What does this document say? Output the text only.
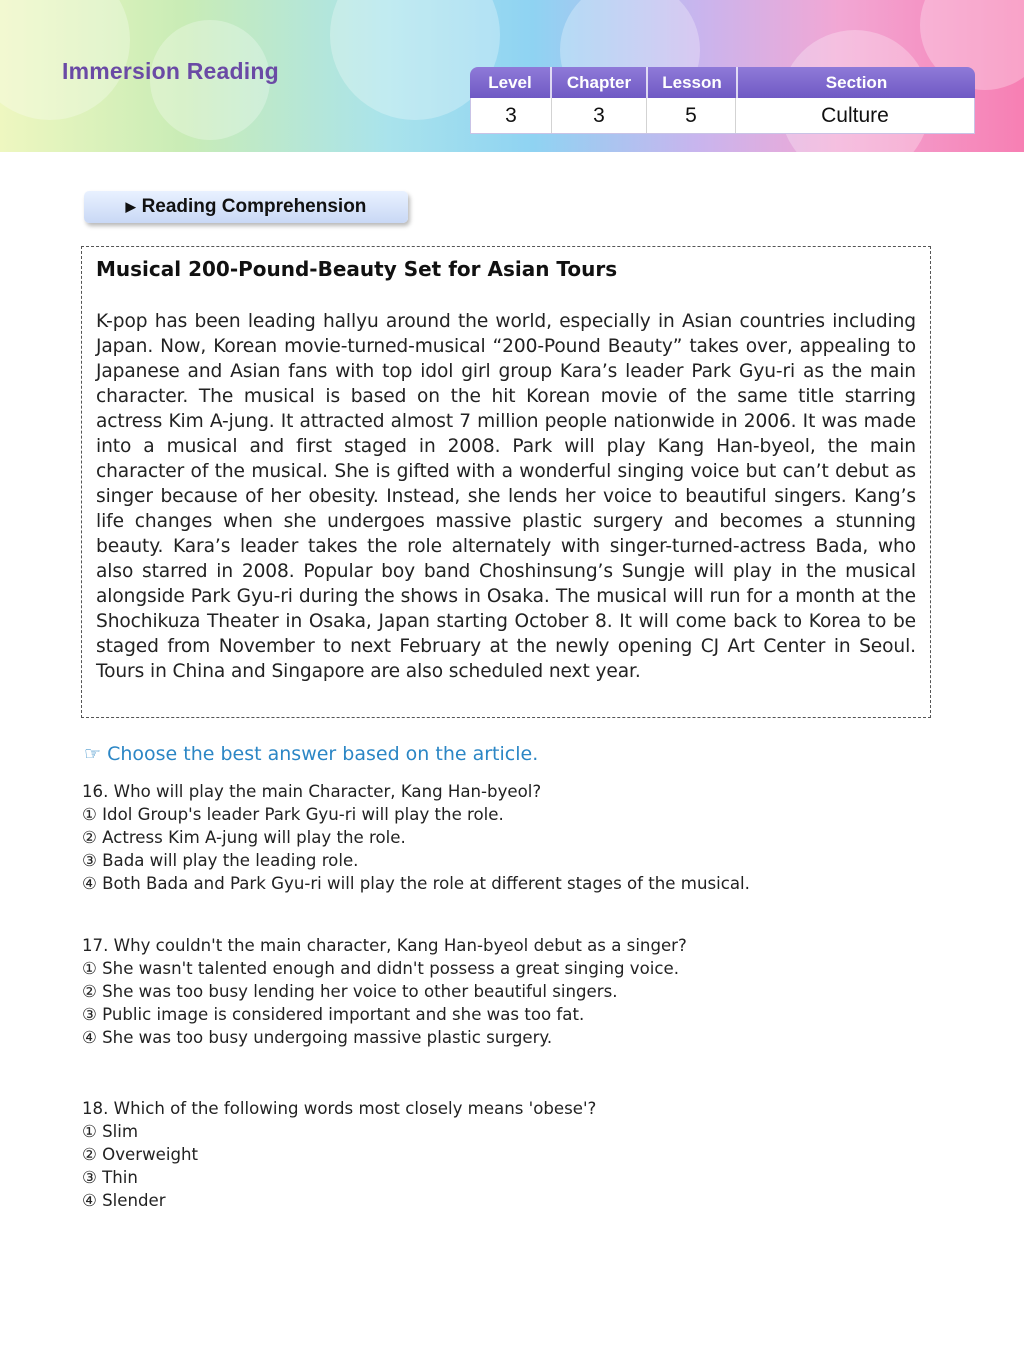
Immersion Reading	Level	Chapter	Lesson	Section
3	3	5	Culture
▶ Reading Comprehension
Musical 200-Pound-Beauty Set for Asian Tours

K-pop has been leading hallyu around the world, especially in Asian countries including Japan. Now, Korean movie-turned-musical “200-Pound Beauty” takes over, appealing to Japanese and Asian fans with top idol girl group Kara’s leader Park Gyu-ri as the main character. The musical is based on the hit Korean movie of the same title starring actress Kim A-jung. It attracted almost 7 million people nationwide in 2006. It was made into a musical and first staged in 2008. Park will play Kang Han-byeol, the main character of the musical. She is gifted with a wonderful singing voice but can’t debut as singer because of her obesity. Instead, she lends her voice to beautiful singers. Kang’s life changes when she undergoes massive plastic surgery and becomes a stunning beauty. Kara’s leader takes the role alternately with singer-turned-actress Bada, who also starred in 2008. Popular boy band Choshinsung’s Sungje will play in the musical alongside Park Gyu-ri during the shows in Osaka. The musical will run for a month at the Shochikuza Theater in Osaka, Japan starting October 8. It will come back to Korea to be staged from November to next February at the newly opening CJ Art Center in Seoul. Tours in China and Singapore are also scheduled next year.

☞ Choose the best answer based on the article.
16. Who will play the main Character, Kang Han-byeol?
① Idol Group's leader Park Gyu-ri will play the role.
② Actress Kim A-jung will play the role.
③ Bada will play the leading role.
④ Both Bada and Park Gyu-ri will play the role at different stages of the musical.
17. Why couldn't the main character, Kang Han-byeol debut as a singer?
① She wasn't talented enough and didn't possess a great singing voice.
② She was too busy lending her voice to other beautiful singers.
③ Public image is considered important and she was too fat.
④ She was too busy undergoing massive plastic surgery.
18. Which of the following words most closely means 'obese'?
① Slim
② Overweight
③ Thin
④ Slender
